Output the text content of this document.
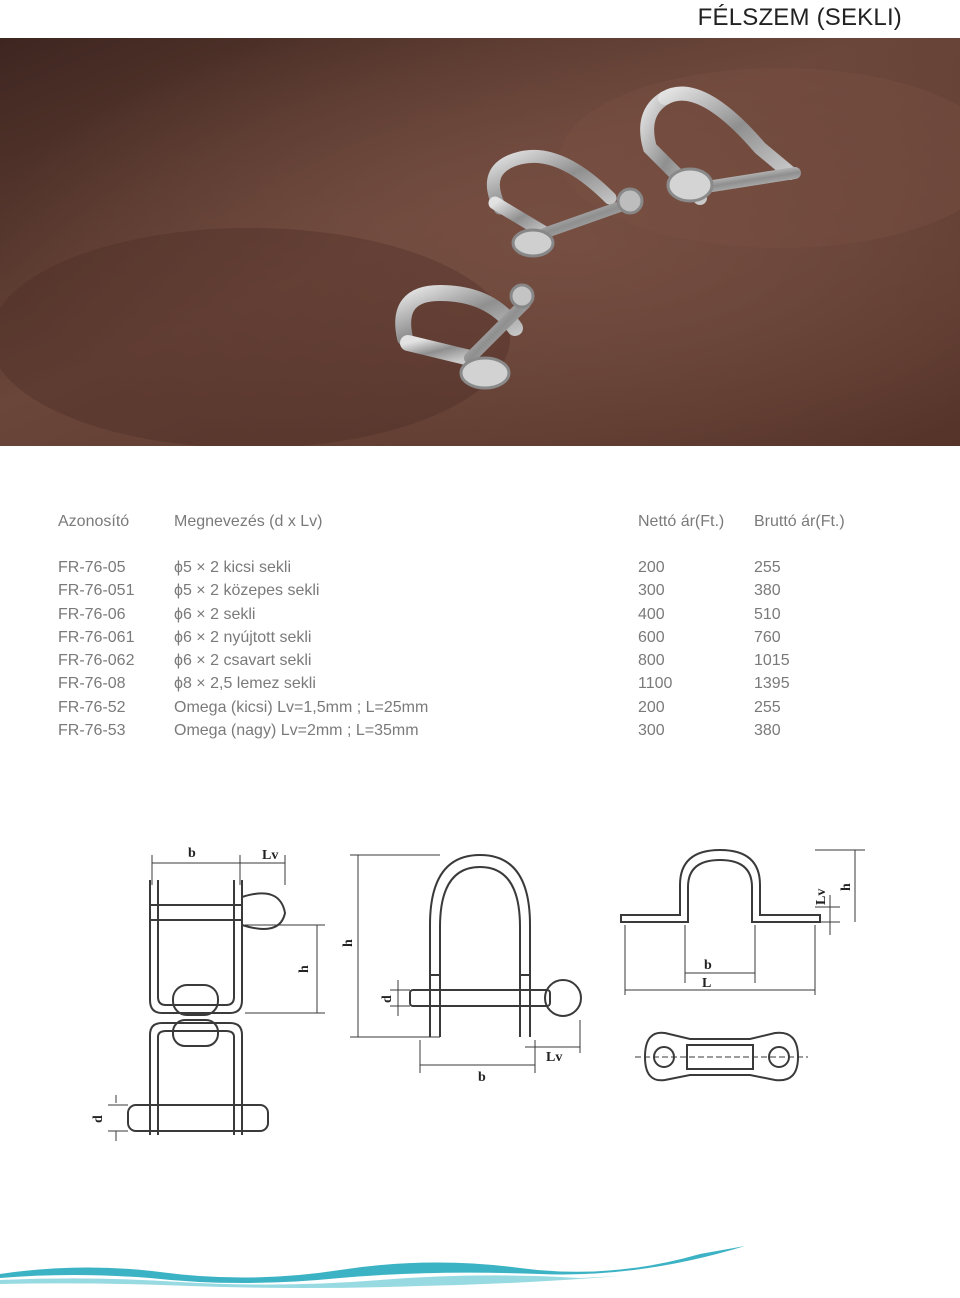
FÉLSZEM (SEKLI)
Azonosító	Megnevezés (d x Lv)	Nettó ár(Ft.) Bruttó ár(Ft.)
FR-76-05	ϕ5 × 2 kicsi sekli	200	255
FR-76-051 ϕ5 × 2 közepes sekli	300	380
FR-76-06	ϕ6 × 2 sekli	400	510
FR-76-061 ϕ6 × 2 nyújtott sekli	600	760
FR-76-062 ϕ6 × 2 csavart sekli	800	1015
FR-76-08	ϕ8 × 2,5 lemez sekli	1100	1395
FR-76-52	Omega (kicsi) Lv=1,5mm ; L=25mm	200	255
FR-76-53	Omega (nagy) Lv=2mm ; L=35mm	300	380
b	Lv
d
h
h
d
b
Lv
b
L
Lv
h
